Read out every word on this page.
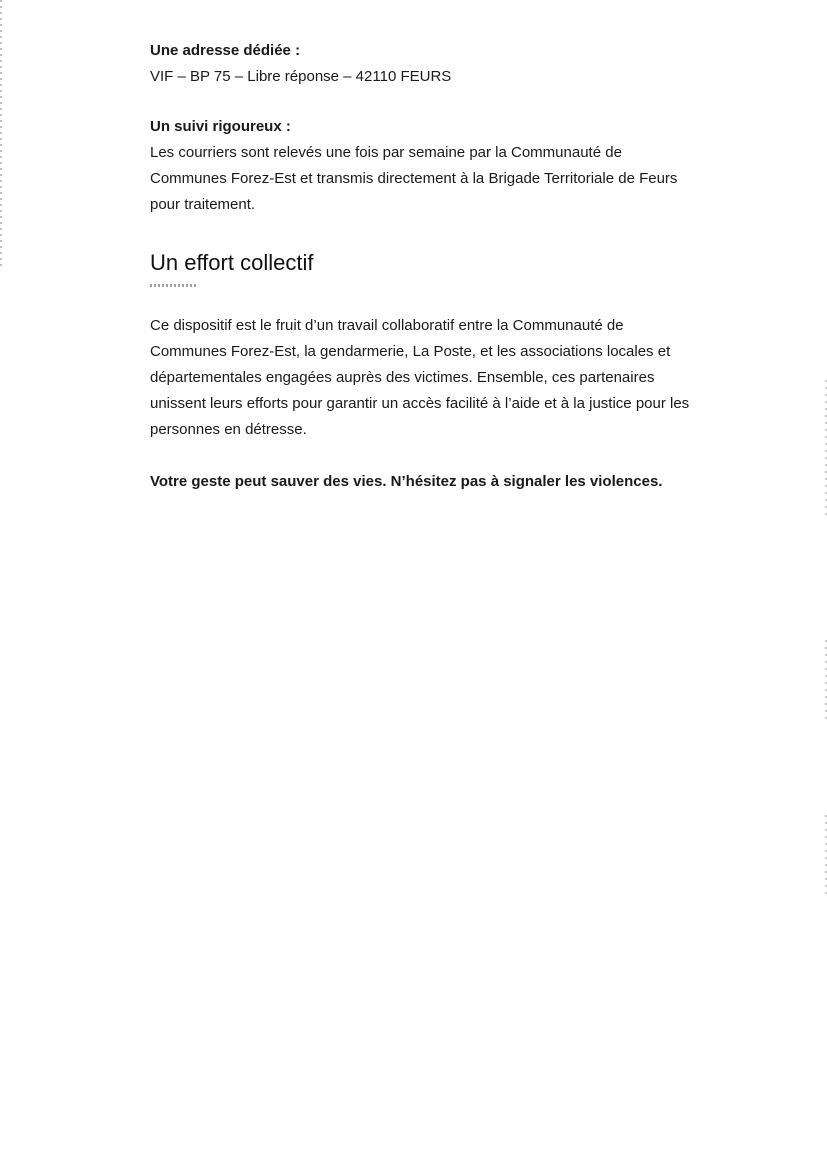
Une adresse dédiée :

VIF – BP 75 – Libre réponse – 42110 FEURS

Un suivi rigoureux :

Les courriers sont relevés une fois par semaine par la Communauté de Communes Forez-Est et transmis directement à la Brigade Territoriale de Feurs pour traitement.

Un effort collectif

Ce dispositif est le fruit d’un travail collaboratif entre la Communauté de Communes Forez-Est, la gendarmerie, La Poste, et les associations locales et départementales engagées auprès des victimes. Ensemble, ces partenaires unissent leurs efforts pour garantir un accès facilité à l’aide et à la justice pour les personnes en détresse.

Votre geste peut sauver des vies. N’hésitez pas à signaler les violences.
